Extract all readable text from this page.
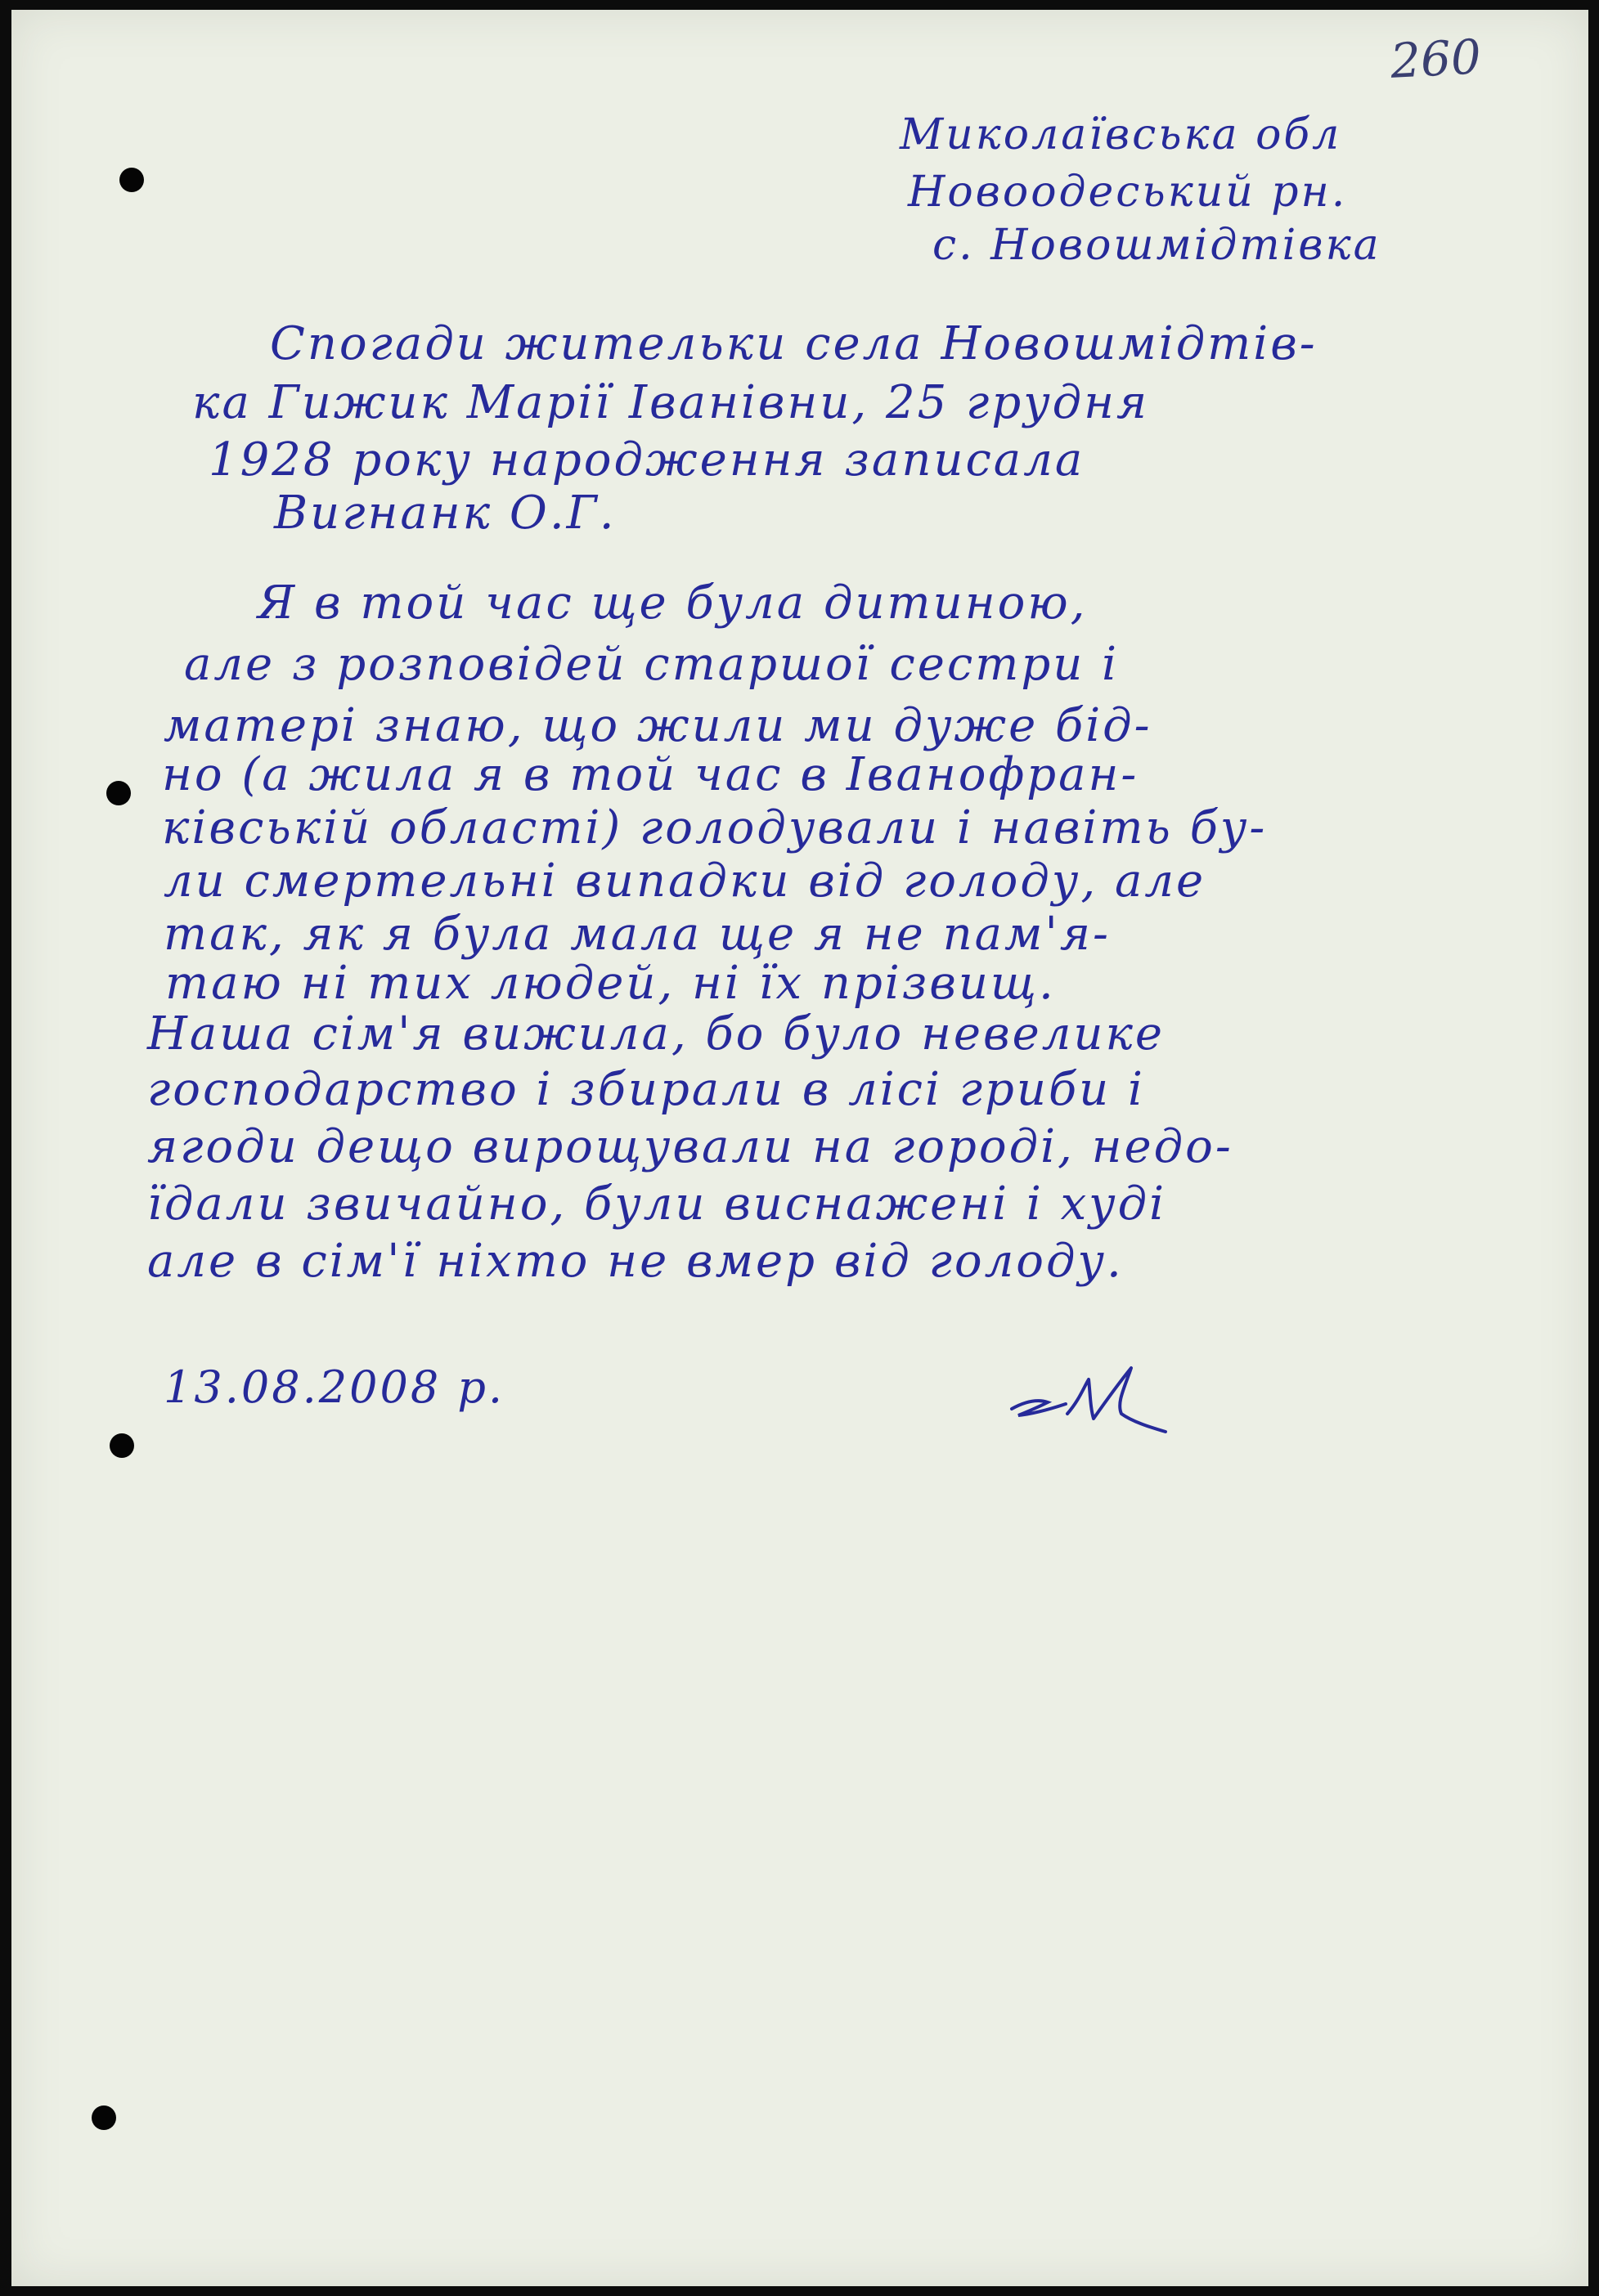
260
Миколаївська обл
Новоодеський рн.
с. Новошмідтівка
Спогади жительки села Новошмідтів-
ка Гижик Марії Іванівни, 25 грудня
1928 року народження записала
Вигнанк О.Г.
Я в той час ще була дитиною,
але з розповідей старшої сестри і
матері знаю, що жили ми дуже бід-
но (а жила я в той час в Іванофран-
ківській області) голодували і навіть бу-
ли смертельні випадки від голоду, але
так, як я була мала ще я не пам'я-
таю ні тих людей, ні їх прізвищ.
Наша сім'я вижила, бо було невелике
господарство і збирали в лісі гриби і
ягоди дещо вирощували на городі, недо-
їдали звичайно, були виснажені і худі
але в сім'ї ніхто не вмер від голоду.
13.08.2008 р.
